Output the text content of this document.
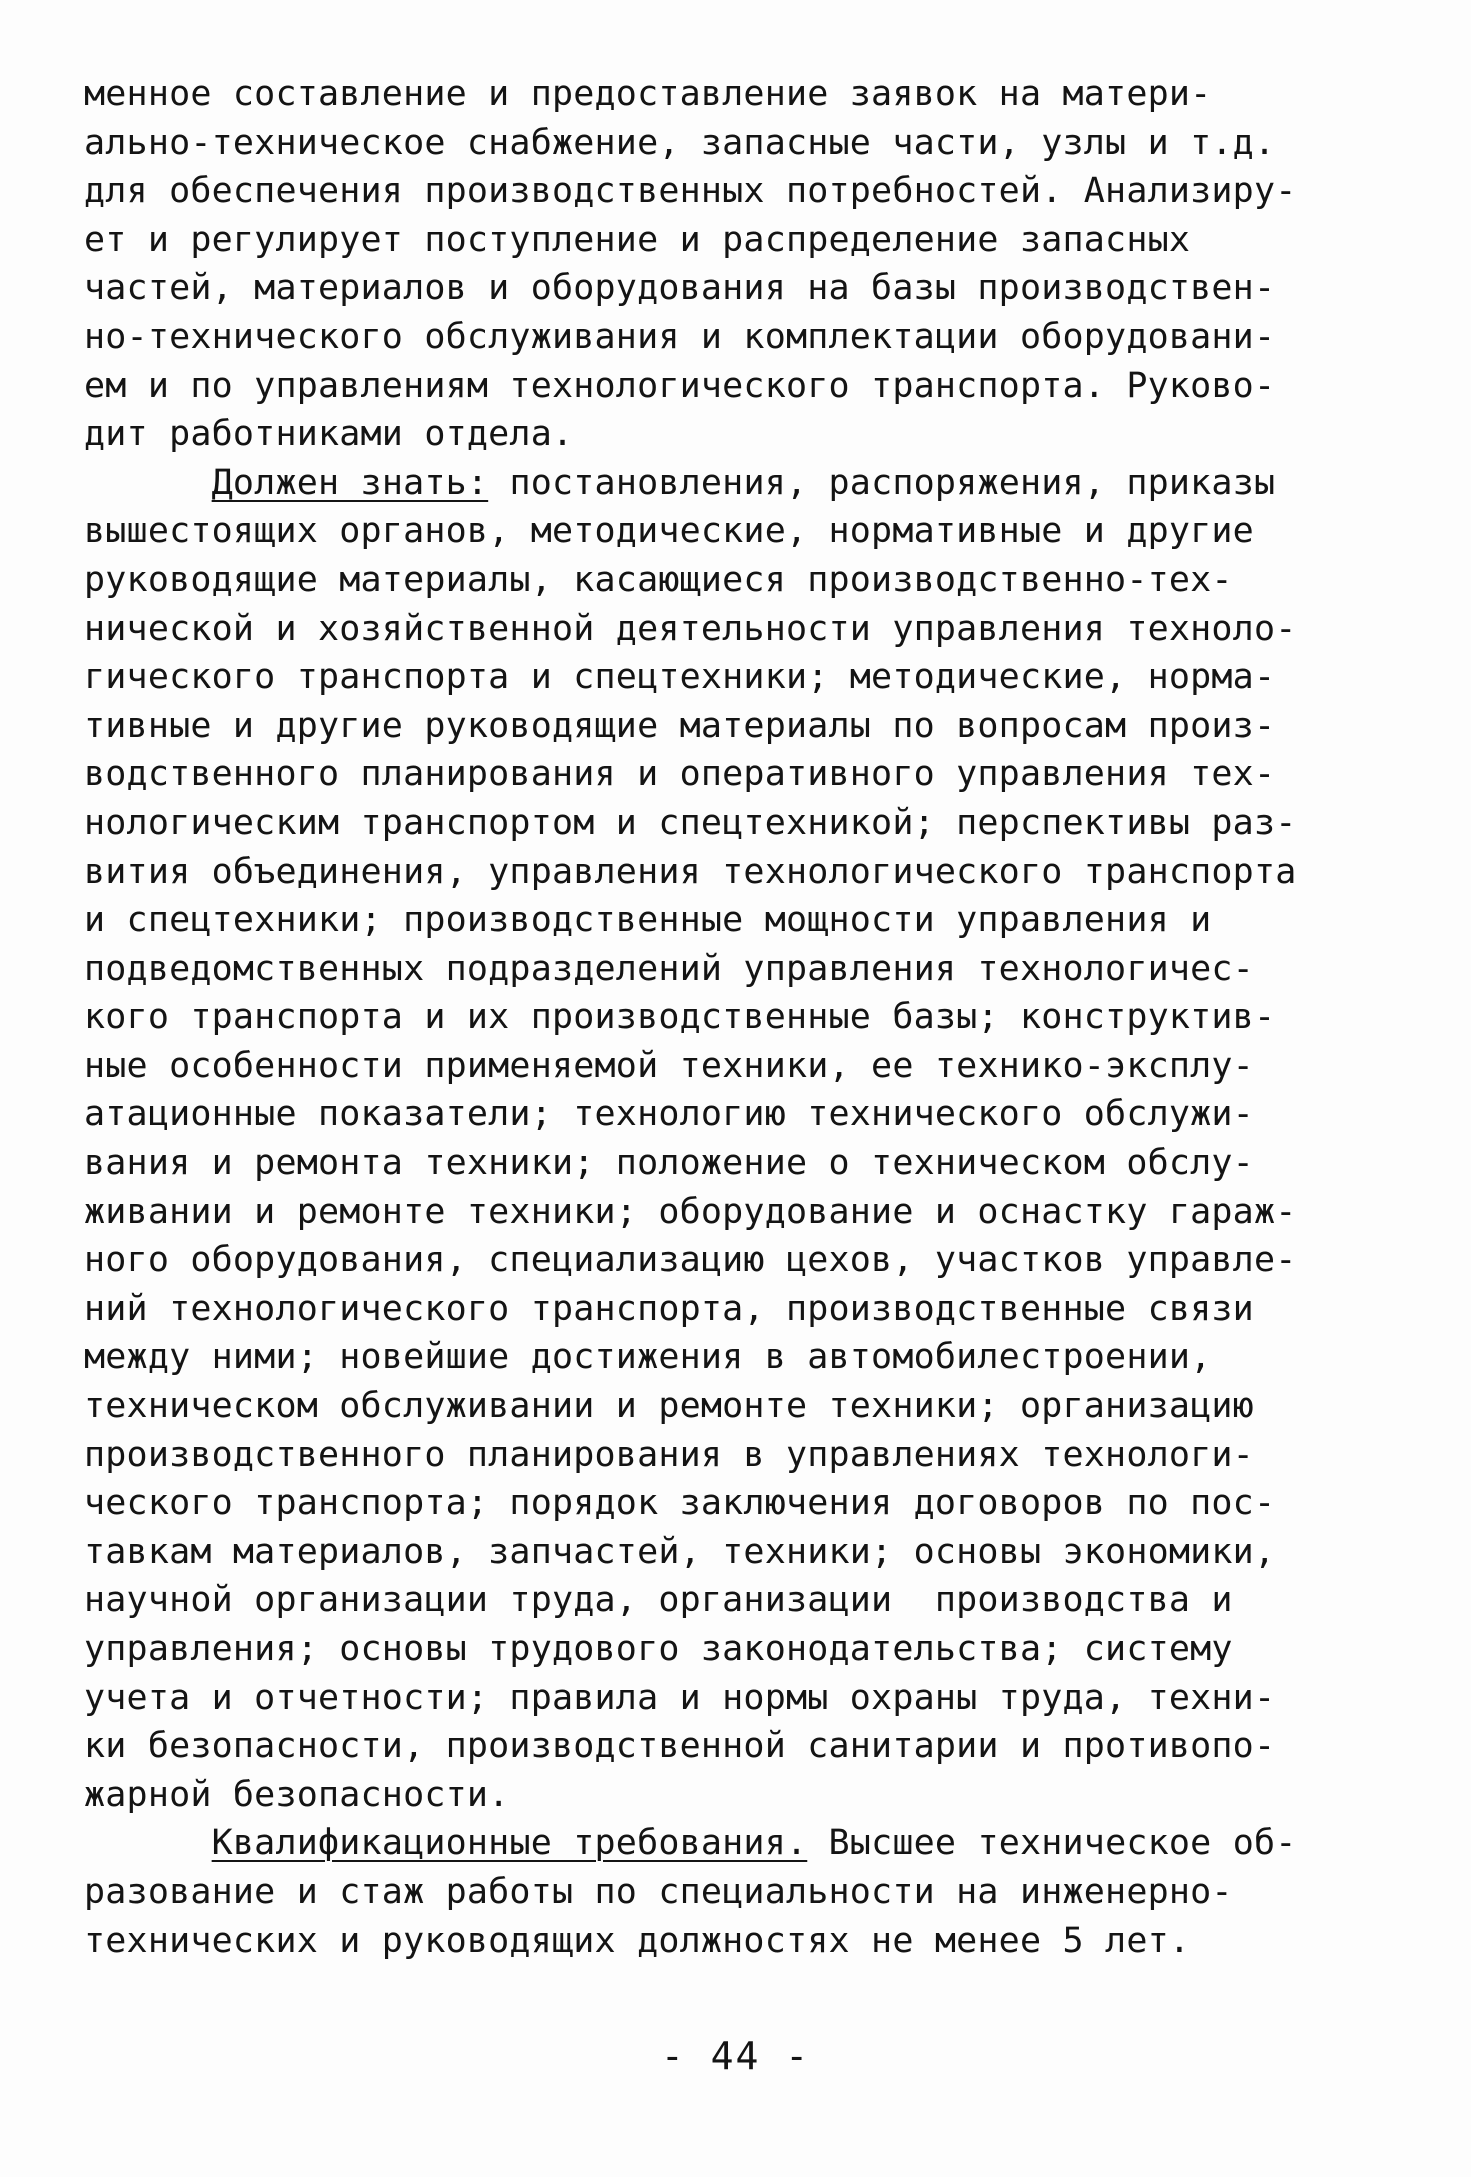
менное составление и предоставление заявок на матери-
ально-техническое снабжение, запасные части, узлы и т.д.
для обеспечения производственных потребностей. Анализиру-
ет и регулирует поступление и распределение запасных
частей, материалов и оборудования на базы производствен-
но-технического обслуживания и комплектации оборудовани-
ем и по управлениям технологического транспорта. Руково-
дит работниками отдела.
Должен знать: постановления, распоряжения, приказы
вышестоящих органов, методические, нормативные и другие
руководящие материалы, касающиеся производственно-тех-
нической и хозяйственной деятельности управления техноло-
гического транспорта и спецтехники; методические, норма-
тивные и другие руководящие материалы по вопросам произ-
водственного планирования и оперативного управления тех-
нологическим транспортом и спецтехникой; перспективы раз-
вития объединения, управления технологического транспорта
и спецтехники; производственные мощности управления и
подведомственных подразделений управления технологичес-
кого транспорта и их производственные базы; конструктив-
ные особенности применяемой техники, ее технико-эксплу-
атационные показатели; технологию технического обслужи-
вания и ремонта техники; положение о техническом обслу-
живании и ремонте техники; оборудование и оснастку гараж-
ного оборудования, специализацию цехов, участков управле-
ний технологического транспорта, производственные связи
между ними; новейшие достижения в автомобилестроении,
техническом обслуживании и ремонте техники; организацию
производственного планирования в управлениях технологи-
ческого транспорта; порядок заключения договоров по пос-
тавкам материалов, запчастей, техники; основы экономики,
научной организации труда, организации  производства и
управления; основы трудового законодательства; систему
учета и отчетности; правила и нормы охраны труда, техни-
ки безопасности, производственной санитарии и противопо-
жарной безопасности.
Квалификационные требования. Высшее техническое об-
разование и стаж работы по специальности на инженерно-
технических и руководящих должностях не менее 5 лет.
- 44 -
